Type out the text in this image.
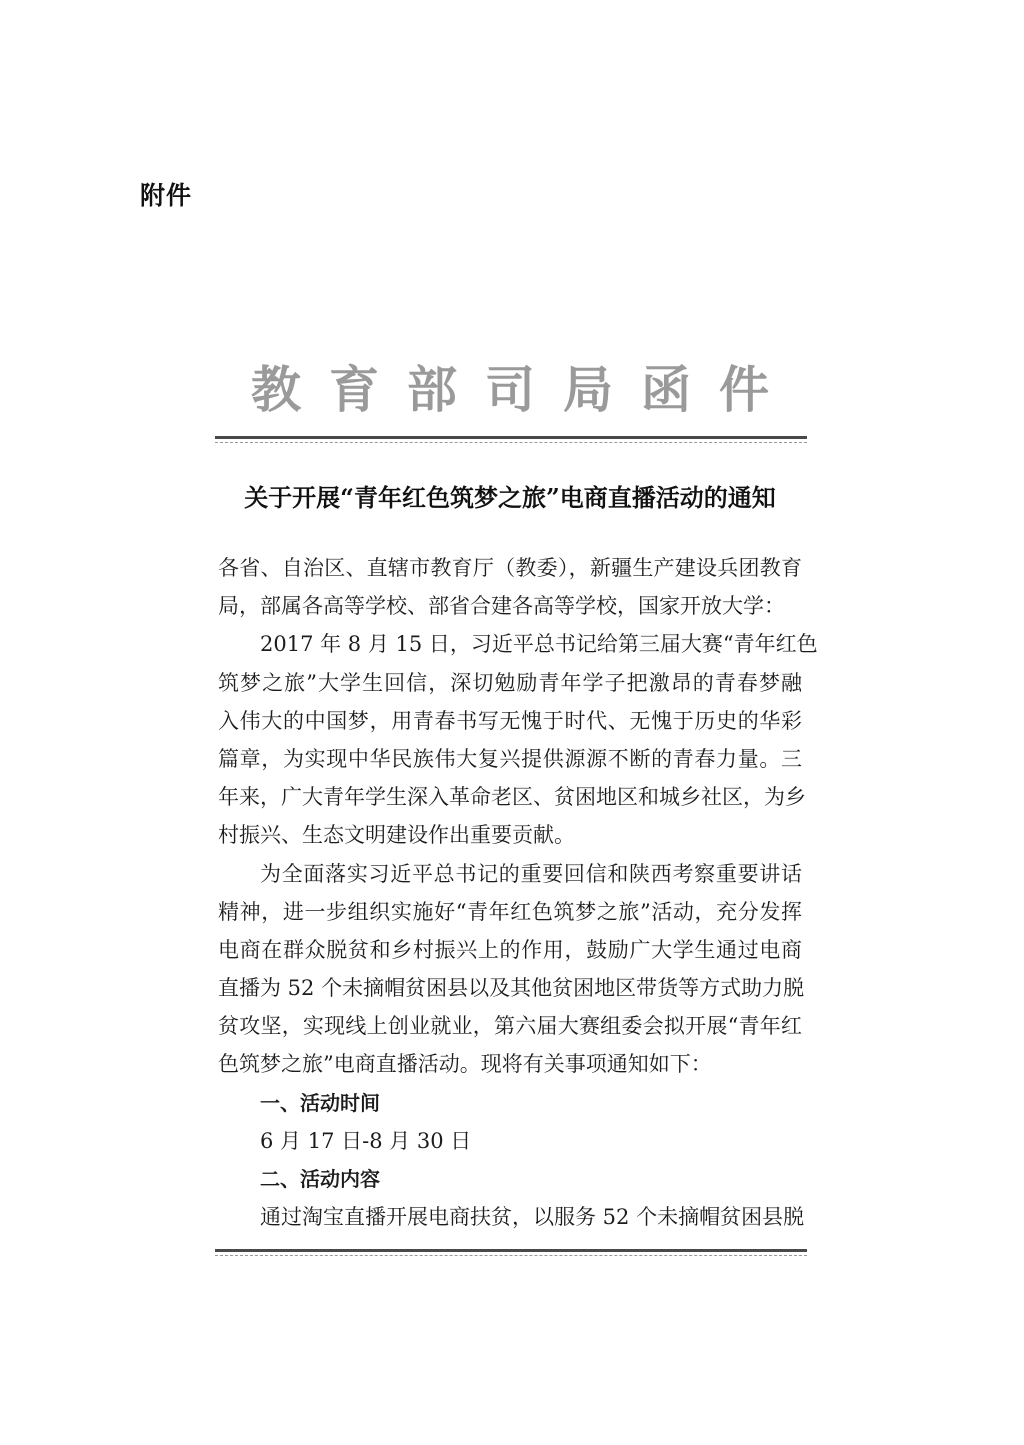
附件
教育部司局函件
关于开展“青年红色筑梦之旅”电商直播活动的通知
各省、自治区、直辖市教育厅（教委），新疆生产建设兵团教育
局，部属各高等学校、部省合建各高等学校，国家开放大学：
2017 年 8 月 15 日，习近平总书记给第三届大赛“青年红色
筑梦之旅”大学生回信，深切勉励青年学子把激昂的青春梦融
入伟大的中国梦，用青春书写无愧于时代、无愧于历史的华彩
篇章，为实现中华民族伟大复兴提供源源不断的青春力量。三
年来，广大青年学生深入革命老区、贫困地区和城乡社区，为乡
村振兴、生态文明建设作出重要贡献。
为全面落实习近平总书记的重要回信和陕西考察重要讲话
精神，进一步组织实施好“青年红色筑梦之旅”活动，充分发挥
电商在群众脱贫和乡村振兴上的作用，鼓励广大学生通过电商
直播为 52 个未摘帽贫困县以及其他贫困地区带货等方式助力脱
贫攻坚，实现线上创业就业，第六届大赛组委会拟开展“青年红
色筑梦之旅”电商直播活动。现将有关事项通知如下：
一、活动时间
6 月 17 日-8 月 30 日
二、活动内容
通过淘宝直播开展电商扶贫，以服务 52 个未摘帽贫困县脱
